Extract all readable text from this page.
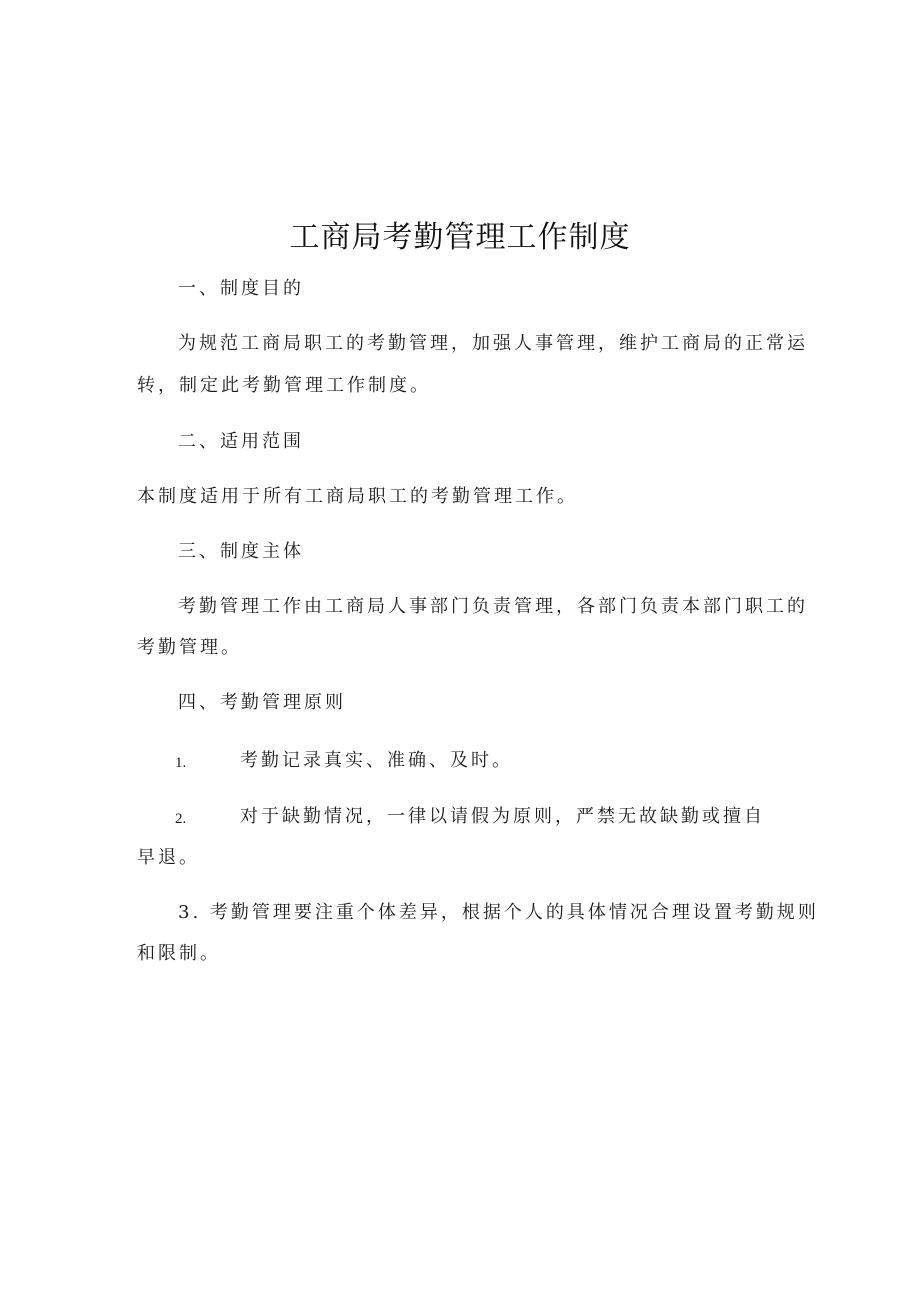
工商局考勤管理工作制度
一、制度目的
为规范工商局职工的考勤管理，加强人事管理，维护工商局的正常运
转，制定此考勤管理工作制度。
二、适用范围
本制度适用于所有工商局职工的考勤管理工作。
三、制度主体
考勤管理工作由工商局人事部门负责管理，各部门负责本部门职工的
考勤管理。
四、考勤管理原则
1.	考勤记录真实、准确、及时。
2.	对于缺勤情况，一律以请假为原则，严禁无故缺勤或擅自
早退。
3. 考勤管理要注重个体差异，根据个人的具体情况合理设置考勤规则
和限制。
